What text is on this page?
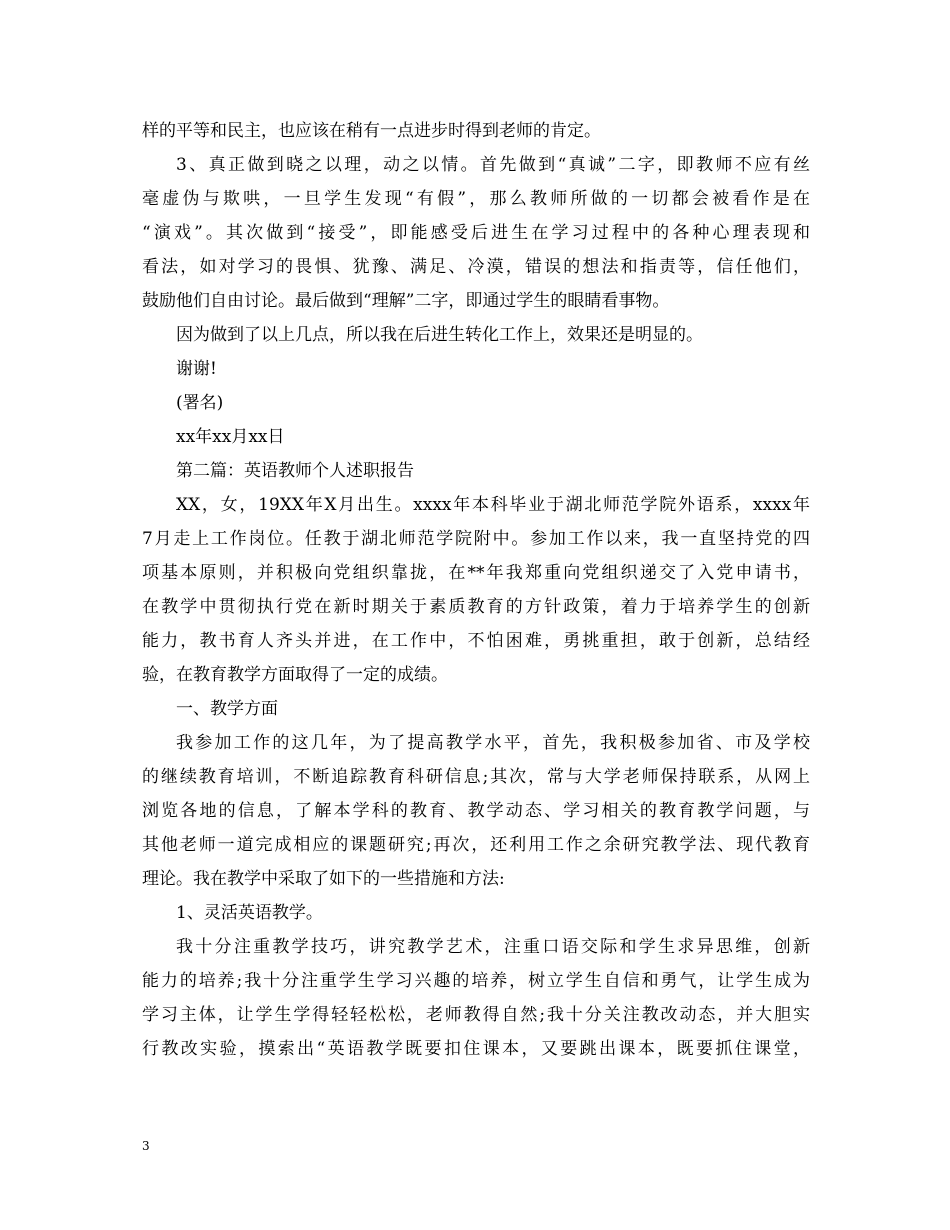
样的平等和民主，也应该在稍有一点进步时得到老师的肯定。
3、真正做到晓之以理，动之以情。首先做到“真诚”二字，即教师不应有丝
毫虚伪与欺哄，一旦学生发现“有假”，那么教师所做的一切都会被看作是在
“演戏”。其次做到“接受”，即能感受后进生在学习过程中的各种心理表现和
看法，如对学习的畏惧、犹豫、满足、冷漠，错误的想法和指责等，信任他们，
鼓励他们自由讨论。最后做到“理解”二字，即通过学生的眼睛看事物。
因为做到了以上几点，所以我在后进生转化工作上，效果还是明显的。
谢谢!
(署名)
xx年xx月xx日
第二篇：英语教师个人述职报告
XX，女，19XX年X月出生。xxxx年本科毕业于湖北师范学院外语系，xxxx年
7月走上工作岗位。任教于湖北师范学院附中。参加工作以来，我一直坚持党的四
项基本原则，并积极向党组织靠拢，在**年我郑重向党组织递交了入党申请书，
在教学中贯彻执行党在新时期关于素质教育的方针政策，着力于培养学生的创新
能力，教书育人齐头并进，在工作中，不怕困难，勇挑重担，敢于创新，总结经
验，在教育教学方面取得了一定的成绩。
一、教学方面
我参加工作的这几年，为了提高教学水平，首先，我积极参加省、市及学校
的继续教育培训，不断追踪教育科研信息;其次，常与大学老师保持联系，从网上
浏览各地的信息，了解本学科的教育、教学动态、学习相关的教育教学问题，与
其他老师一道完成相应的课题研究;再次，还利用工作之余研究教学法、现代教育
理论。我在教学中采取了如下的一些措施和方法:
1、灵活英语教学。
我十分注重教学技巧，讲究教学艺术，注重口语交际和学生求异思维，创新
能力的培养;我十分注重学生学习兴趣的培养，树立学生自信和勇气，让学生成为
学习主体，让学生学得轻轻松松，老师教得自然;我十分关注教改动态，并大胆实
行教改实验，摸索出“英语教学既要扣住课本，又要跳出课本，既要抓住课堂，
3
